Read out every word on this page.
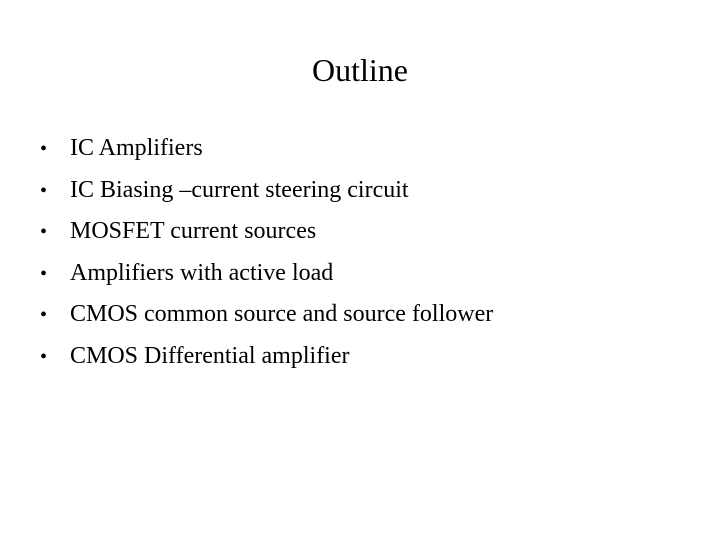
Outline
• IC Amplifiers
• IC Biasing –current steering circuit
• MOSFET current sources
• Amplifiers with active load
• CMOS common source and source follower
• CMOS Differential amplifier
